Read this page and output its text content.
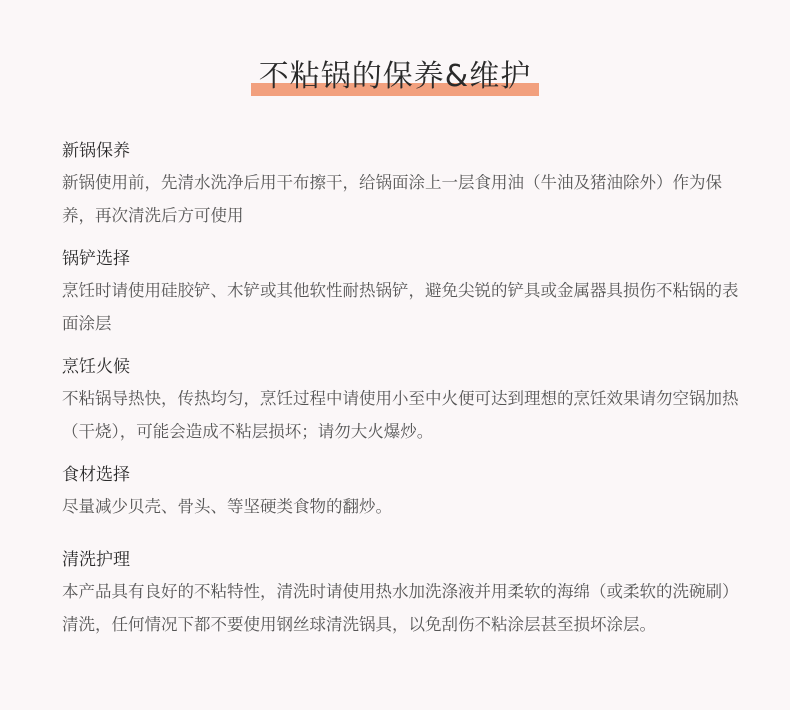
不粘锅的保养&维护

新锅保养

新锅使用前，先清水洗净后用干布擦干，给锅面涂上一层食用油（牛油及猪油除外）作为保养，再次清洗后方可使用

锅铲选择

烹饪时请使用硅胶铲、木铲或其他软性耐热锅铲，避免尖锐的铲具或金属器具损伤不粘锅的表面涂层

烹饪火候

不粘锅导热快，传热均匀，烹饪过程中请使用小至中火便可达到理想的烹饪效果请勿空锅加热（干烧），可能会造成不粘层损坏；请勿大火爆炒。

食材选择

尽量减少贝壳、骨头、等坚硬类食物的翻炒。

清洗护理

本产品具有良好的不粘特性，清洗时请使用热水加洗涤液并用柔软的海绵（或柔软的洗碗刷）清洗，任何情况下都不要使用钢丝球清洗锅具，以免刮伤不粘涂层甚至损坏涂层。
